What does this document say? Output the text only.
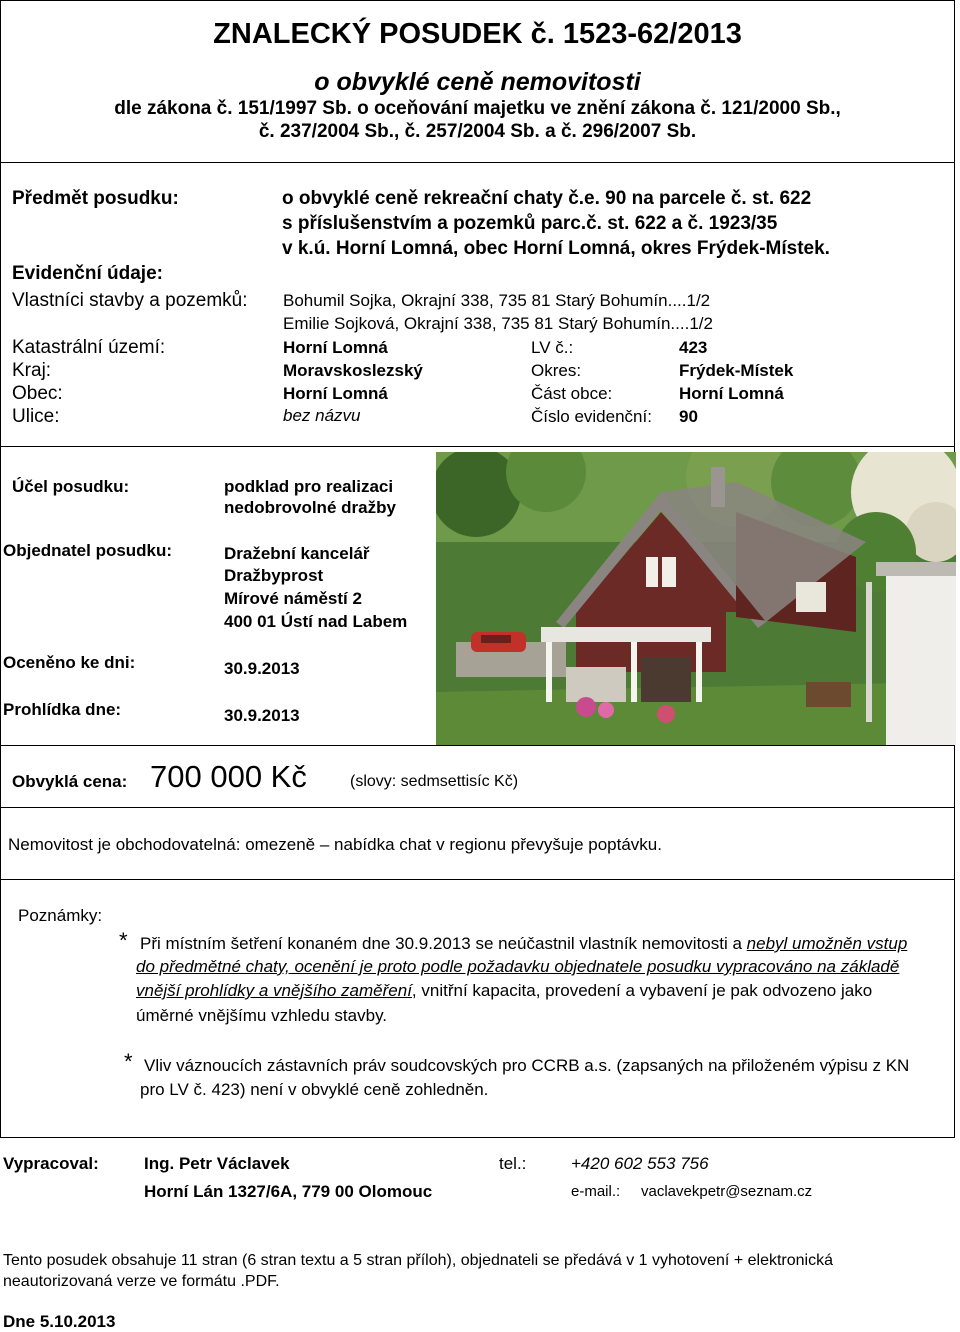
ZNALECKÝ POSUDEK č. 1523-62/2013
o obvyklé ceně nemovitosti
dle zákona č. 151/1997 Sb. o oceňování majetku ve znění zákona č. 121/2000 Sb.,
č. 237/2004 Sb., č. 257/2004 Sb. a č. 296/2007 Sb.
Předmět posudku:	o obvyklé ceně rekreační chaty č.e. 90 na parcele č. st. 622
s příslušenstvím a pozemků parc.č. st. 622 a č. 1923/35
v k.ú. Horní Lomná, obec Horní Lomná, okres Frýdek-Místek.
Evidenční údaje:
Vlastníci stavby a pozemků: Bohumil Sojka, Okrajní 338, 735 81 Starý Bohumín....1/2
Emilie Sojková, Okrajní 338, 735 81 Starý Bohumín....1/2
Katastrální území:	Horní Lomná	LV č.:	423
Kraj:	Moravskoslezský	Okres:	Frýdek-Místek
Obec:	Horní Lomná	Část obce:	Horní Lomná
Ulice:	bez názvu	Číslo evidenční: 90
Účel posudku:	podklad pro realizaci
nedobrovolné dražby
Objednatel posudku:	Dražební kancelář
Dražbyprost
Mírové náměstí 2
400 01 Ústí nad Labem
Oceněno ke dni:	30.9.2013
Prohlídka dne:	30.9.2013
Obvyklá cena: 700 000 Kč	(slovy: sedmsettisíc Kč)
Nemovitost je obchodovatelná: omezeně – nabídka chat v regionu převyšuje poptávku.
Poznámky:
* Při místním šetření konaném dne 30.9.2013 se neúčastnil vlastník nemovitosti a nebyl umožněn vstup
do předmětné chaty, ocenění je proto podle požadavku objednatele posudku vypracováno na základě
vnější prohlídky a vnějšího zaměření, vnitřní kapacita, provedení a vybavení je pak odvozeno jako
úměrné vnějšímu vzhledu stavby.
* Vliv váznoucích zástavních práv soudcovských pro CCRB a.s. (zapsaných na přiloženém výpisu z KN
pro LV č. 423) není v obvyklé ceně zohledněn.
Vypracoval:	Ing. Petr Václavek	tel.:	+420 602 553 756
Horní Lán 1327/6A, 779 00 Olomouc	e-mail.: vaclavekpetr@seznam.cz
Tento posudek obsahuje 11 stran (6 stran textu a 5 stran příloh), objednateli se předává v 1 vyhotovení + elektronická
neautorizovaná verze ve formátu .PDF.
Dne 5.10.2013
